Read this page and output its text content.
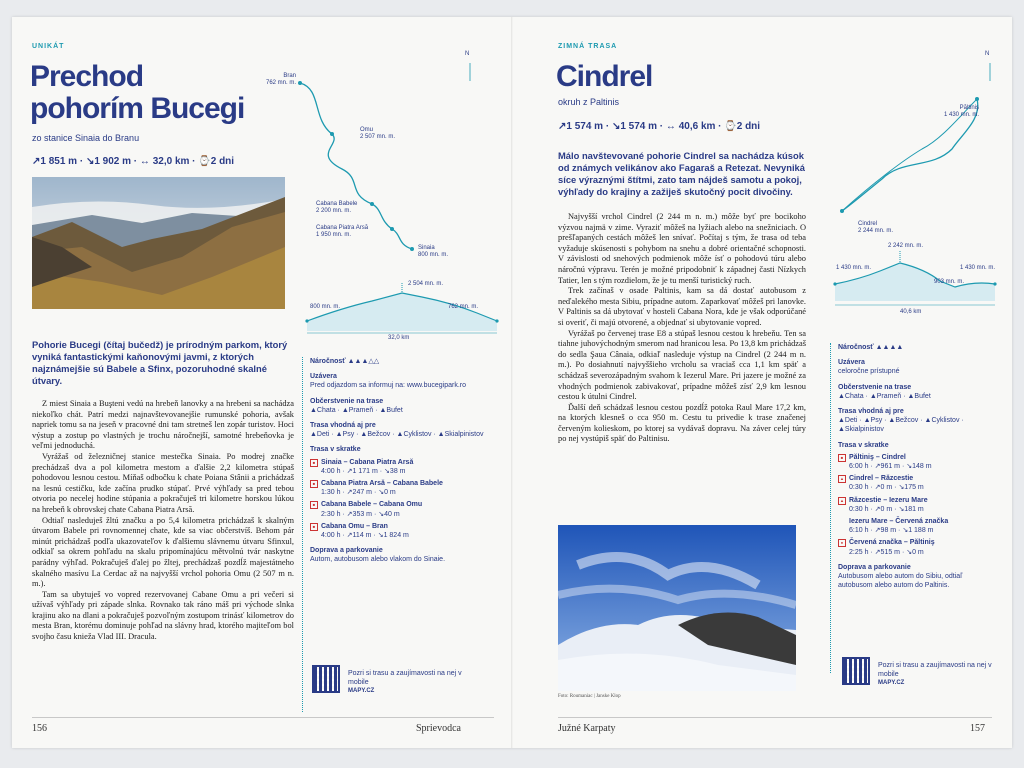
UNIKÁT
Prechod
pohorím Bucegi
zo stanice Sinaia do Branu
↗1 851 m · ↘1 902 m · ↔ 32,0 km · ⌚2 dni
Pohorie Bucegi (čítaj bučedž) je prírodným parkom, ktorý vyniká fantastickými kaňonovými javmi, z ktorých najznámejšie sú Babele a Sfinx, pozoruhodné skalné útvary.

Z miest Sinaia a Buşteni vedú na hrebeň lanovky a na hrebeni sa nachádza niekoľko chát. Patrí medzi najnavštevovanejšie rumunské pohoria, avšak napriek tomu sa na jeseň v pracovné dni tam stretneš len zopár turistov. Hoci výstup a zostup po vlastných je trochu náročnejší, samotné hrebeňovka je veľmi jednoduchá.

Vyrážaš od železničnej stanice mestečka Sinaia. Po modrej značke prechádzaš dva a pol kilometra mestom a ďalšie 2,2 kilometra stúpaš pohodovou lesnou cestou. Míňaš odbočku k chate Poiana Stânii a prichádzaš na lesnú cestičku, kde začína prudko stúpať. Prvé výhľady sa pred tebou otvoria po necelej hodine stúpania a pokračuješ tri kilometre horskou lúkou na hrebeň k obrovskej chate Cabana Piatra Arsă.

Odtiaľ nasleduješ žltú značku a po 5,4 kilometra prichádzaš k skalným útvarom Babele pri rovnomennej chate, kde sa viac občerstvíš. Behom pár minút prichádzaš podľa ukazovateľov k ďalšiemu slávnemu útvaru Sfinxul, odkiaľ sa okrem pohľadu na skalu pripomínajúcu mětvolnú tvár naskytne parádny výhľad. Pokračuješ ďalej po žltej, prechádzaš pozdĺž majestátneho skalného masívu La Cerdac až na najvyšší vrchol pohoria Omu (2 507 m n. m.).

Tam sa ubytuješ vo vopred rezervovanej Cabane Omu a pri večeri si užívaš výhľady pri západe slnka. Rovnako tak ráno máš pri východe slnka krajinu ako na dlani a pokračuješ pozvoľným zostupom trinásť kilometrov do mesta Bran, ktorému dominuje pohľad na slávny hrad, ktorého majiteľom bol svojho času knieža Vlad III. Dracula.

N
Bran
762 mn. m.
Omu
2 507 mn. m.
Cabana Babele
2 200 mn. m.
Cabana Piatra Arsă
1 950 mn. m.
Sinaia
800 mn. m.
2 504 mn. m.
800 mn. m.	762 mn. m.
32,0 km
Náročnosť ▲▲▲△△
Uzávera
Pred odjazdom sa informuj na: www.bucegipark.ro
Občerstvenie na trase
▲Chata · ▲Prameň · ▲Bufet
Trasa vhodná aj pre
▲Deti · ▲Psy · ▲Bežcov · ▲Cyklistov · ▲Skialpinistov
Trasa v skratke
■ Sinaia – Cabana Piatra Arsă
4:00 h · ↗1 171 m · ↘38 m
■ Cabana Piatra Arsă – Cabana Babele
1:30 h · ↗247 m · ↘0 m
■ Cabana Babele – Cabana Omu
2:30 h · ↗353 m · ↘40 m
■ Cabana Omu – Bran
4:00 h · ↗114 m · ↘1 824 m
Doprava a parkovanie
Autom, autobusom alebo vlakom do Sinaie.
Pozri si trasu a zaujímavosti na nej v mobile
MAPY.CZ
156	Sprievodca
ZIMNÁ TRASA
Cindrel
okruh z Paltinis
↗1 574 m · ↘1 574 m · ↔ 40,6 km · ⌚2 dni
Málo navštevované pohorie Cindrel sa nachádza kúsok od známych velikánov ako Fagaraš a Retezat. Nevyniká síce výraznými štítmi, zato tam nájdeš samotu a pokoj, výhľady do krajiny a zažiješ skutočný pocit divočiny.

Najvyšší vrchol Cindrel (2 244 m n. m.) môže byť pre bocikoho výzvou najmä v zime. Vyraziť môžeš na lyžiach alebo na snežniciach. O prešľapaných cestách môžeš len snívať. Počítaj s tým, že trasa od teba vyžaduje skúsenosti s pohybom na snehu a dobré orientačné schopnosti. V závislosti od snehových podmienok môže ísť o pohodovú túru alebo náročnú výpravu. Terén je možné pripodobniť k západnej časti Nízkych Tatier, len s tým rozdielom, že je tu menší turistický ruch.

Trek začínaš v osade Paltinis, kam sa dá dostať autobusom z neďalekého mesta Sibiu, prípadne autom. Zaparkovať môžeš pri lanovke. V Paltinis sa dá ubytovať v hosteli Cabana Nora, kde je však odporúčané si overiť, či majú otvorené, a objednať si ubytovanie vopred.

Vyrážaš po červenej trase E8 a stúpaš lesnou cestou k hrebeňu. Ten sa tiahne juhovýchodným smerom nad hranicou lesa. Po 13,8 km prichádzaš do sedla Şaua Cânaia, odkiaľ nasleduje výstup na Cindrel (2 244 m n. m.). Po dosiahnutí najvyššieho vrcholu sa vraciaš cca 1,1 km späť a schádzaš severozápadným svahom k Iezerul Mare. Pri jazere je možné za vhodných podmienok zabivakovať, prípadne môžeš zísť 2,9 km lesnou cestou k útulni Cindrel.

Ďalší deň schádzaš lesnou cestou pozdĺž potoka Raul Mare 17,2 km, na ktorých klesneš o cca 950 m. Cestu tu privedie k trase značenej červeným kolieskom, po ktorej sa vydávaš dopravu. Na záver celej túry po nej vystúpiš späť do Paltinisu.

Foto: Roumaniac | Janske Klop
N
Păltiniş
1 430 mn. m.
Cindrel
2 244 mn. m.
2 242 mn. m.
1 430 mn. m.	1 430 mn. m.
903 mn. m.
40,6 km
Náročnosť ▲▲▲▲
Uzávera
celoročne prístupné
Občerstvenie na trase
▲Chata · ▲Prameň · ▲Bufet
Trasa vhodná aj pre
▲Deti · ▲Psy · ▲Bežcov · ▲Cyklistov · ▲Skialpinistov
Trasa v skratke
■ Păltiniş – Cindrel
6:00 h · ↗961 m · ↘148 m
▲ Cindrel – Răzcestie
0:30 h · ↗0 m · ↘175 m
▲ Răzcestie – Iezeru Mare
0:30 h · ↗0 m · ↘181 m
Iezeru Mare – Červená značka
6:10 h · ↗98 m · ↘1 188 m
● Červená značka – Păltiniş
2:25 h · ↗515 m · ↘0 m
Doprava a parkovanie
Autobusom alebo autom do Sibiu, odtiaľ autobusom alebo autom do Paltinis.
Pozri si trasu a zaujímavosti na nej v mobile
MAPY.CZ
Južné Karpaty	157
